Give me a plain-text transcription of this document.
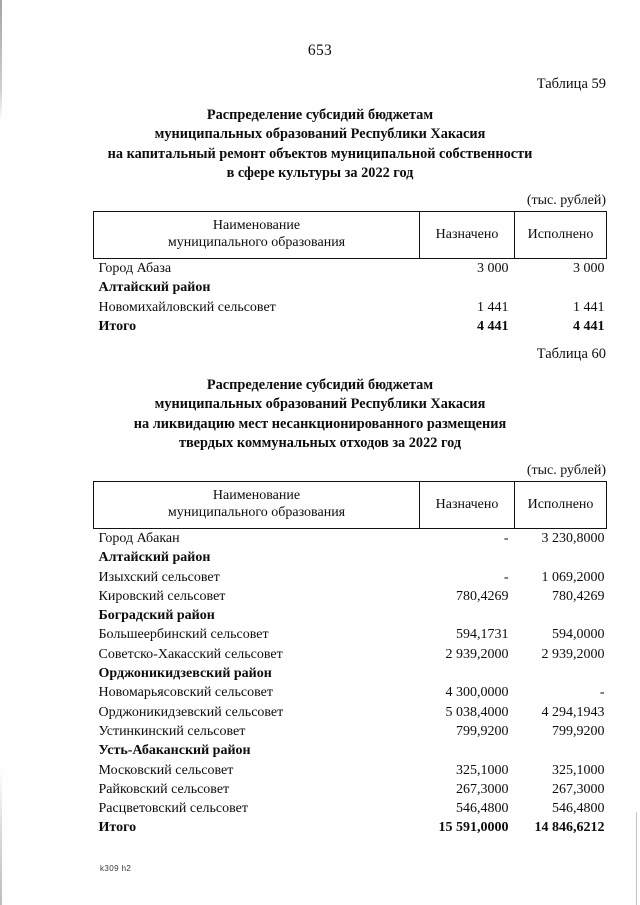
653
Таблица 59
Распределение субсидий бюджетам
муниципальных образований Республики Хакасия
на капитальный ремонт объектов муниципальной собственности
в сфере культуры за 2022 год
(тыс. рублей)
Наименование
муниципального образования	Назначено	Исполнено
Город Абаза	3 000	3 000
Алтайский район		
Новомихайловский сельсовет	1 441	1 441
Итого	4 441	4 441
Таблица 60
Распределение субсидий бюджетам
муниципальных образований Республики Хакасия
на ликвидацию мест несанкционированного размещения
твердых коммунальных отходов за 2022 год
(тыс. рублей)
Наименование
муниципального образования	Назначено	Исполнено
Город Абакан	-	3 230,8000
Алтайский район		
Изыхский сельсовет	-	1 069,2000
Кировский сельсовет	780,4269	780,4269
Боградский район		
Большеербинский сельсовет	594,1731	594,0000
Советско-Хакасский сельсовет	2 939,2000	2 939,2000
Орджоникидзевский район		
Новомарьясовский сельсовет	4 300,0000	-
Орджоникидзевский сельсовет	5 038,4000	4 294,1943
Устинкинский сельсовет	799,9200	799,9200
Усть-Абаканский район		
Московский сельсовет	325,1000	325,1000
Райковский сельсовет	267,3000	267,3000
Расцветовский сельсовет	546,4800	546,4800
Итого	15 591,0000	14 846,6212
k309 h2
